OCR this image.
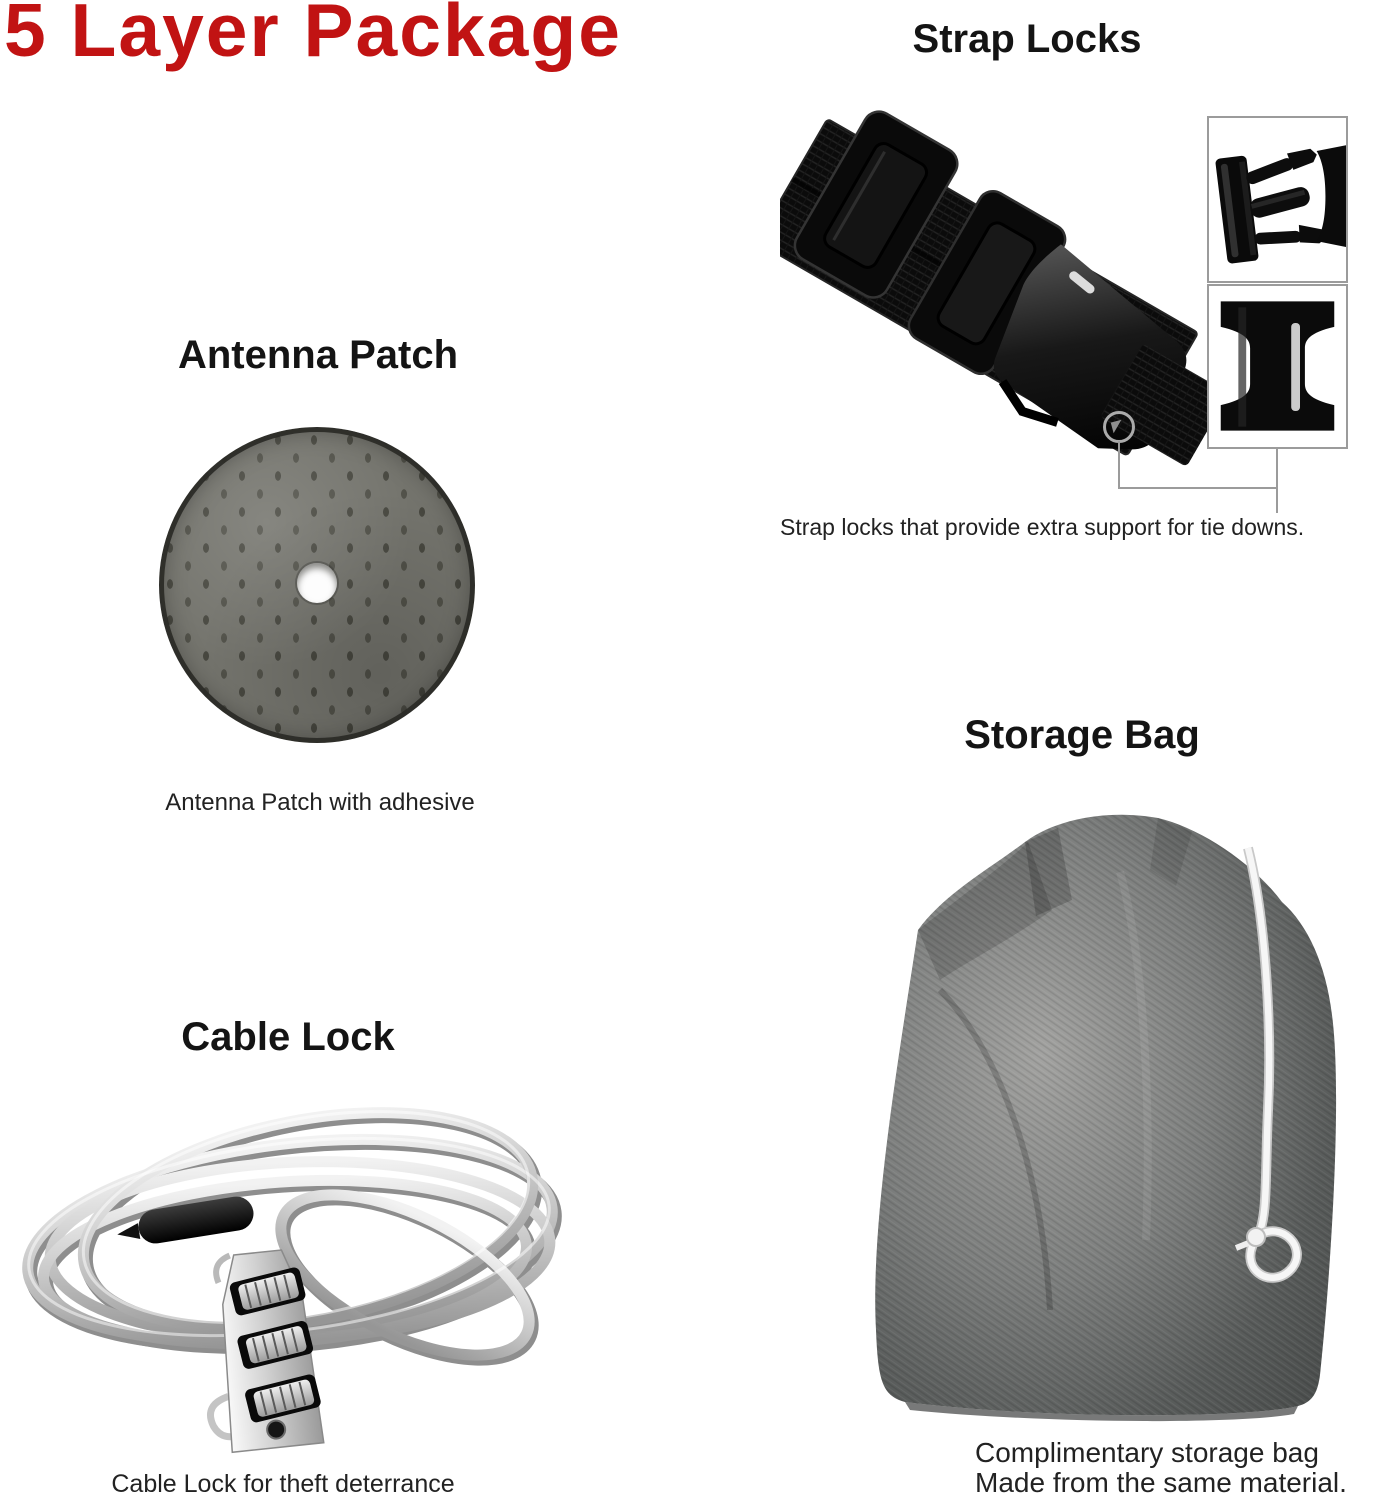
5 Layer Package	Strap Locks

Strap locks that provide extra support for tie downs.

Antenna Patch

Antenna Patch with adhesive

Cable Lock

Cable Lock for theft deterrance

Storage Bag

Complimentary storage bag
Made from the same material.
